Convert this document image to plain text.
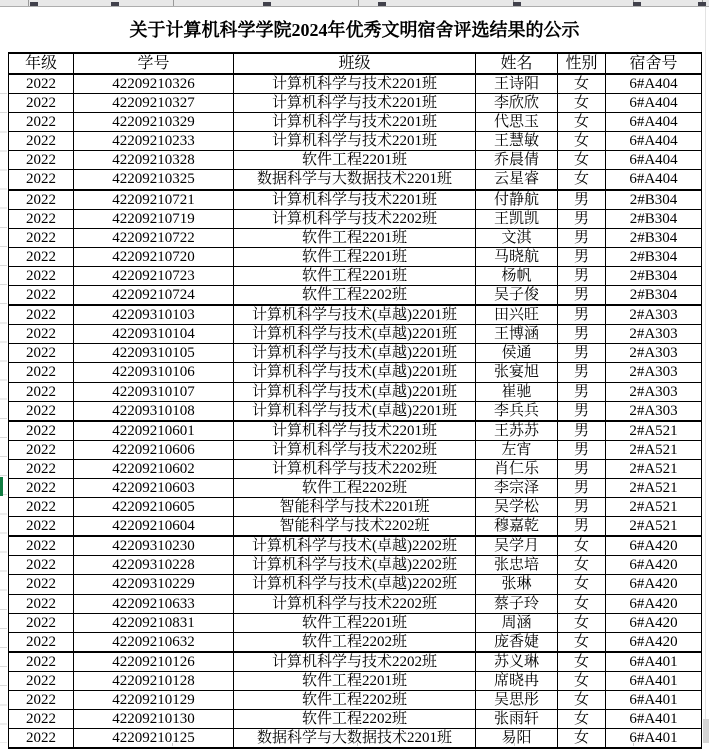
关于计算机科学学院2024年优秀文明宿舍评选结果的公示
年级	学号	班级	姓名	性别	宿舍号
2022	42209210326	计算机科学与技术2201班	王诗阳	女	6#A404
2022	42209210327	计算机科学与技术2201班	李欣欣	女	6#A404
2022	42209210329	计算机科学与技术2201班	代思玉	女	6#A404
2022	42209210233	计算机科学与技术2201班	王慧敏	女	6#A404
2022	42209210328	软件工程2201班	乔晨倩	女	6#A404
2022	42209210325	数据科学与大数据技术2201班	云星睿	女	6#A404
2022	42209210721	计算机科学与技术2201班	付静航	男	2#B304
2022	42209210719	计算机科学与技术2202班	王凯凯	男	2#B304
2022	42209210722	软件工程2201班	文淇	男	2#B304
2022	42209210720	软件工程2201班	马晓航	男	2#B304
2022	42209210723	软件工程2201班	杨帆	男	2#B304
2022	42209210724	软件工程2202班	吴子俊	男	2#B304
2022	42209310103	计算机科学与技术(卓越)2201班	田兴旺	男	2#A303
2022	42209310104	计算机科学与技术(卓越)2201班	王博涵	男	2#A303
2022	42209310105	计算机科学与技术(卓越)2201班	侯通	男	2#A303
2022	42209310106	计算机科学与技术(卓越)2201班	张宴旭	男	2#A303
2022	42209310107	计算机科学与技术(卓越)2201班	崔驰	男	2#A303
2022	42209310108	计算机科学与技术(卓越)2201班	李兵兵	男	2#A303
2022	42209210601	计算机科学与技术2201班	王苏苏	男	2#A521
2022	42209210606	计算机科学与技术2202班	左宵	男	2#A521
2022	42209210602	计算机科学与技术2202班	肖仁乐	男	2#A521
2022	42209210603	软件工程2202班	李宗泽	男	2#A521
2022	42209210605	智能科学与技术2201班	吴学松	男	2#A521
2022	42209210604	智能科学与技术2202班	穆嘉乾	男	2#A521
2022	42209310230	计算机科学与技术(卓越)2202班	吴学月	女	6#A420
2022	42209310228	计算机科学与技术(卓越)2202班	张忠培	女	6#A420
2022	42209310229	计算机科学与技术(卓越)2202班	张琳	女	6#A420
2022	42209210633	计算机科学与技术2202班	蔡子玲	女	6#A420
2022	42209210831	软件工程2201班	周涵	女	6#A420
2022	42209210632	软件工程2202班	庞香婕	女	6#A420
2022	42209210126	计算机科学与技术2202班	苏义琳	女	6#A401
2022	42209210128	软件工程2201班	席晓冉	女	6#A401
2022	42209210129	软件工程2202班	吴思彤	女	6#A401
2022	42209210130	软件工程2202班	张雨轩	女	6#A401
2022	42209210125	数据科学与大数据技术2201班	易阳	女	6#A401
